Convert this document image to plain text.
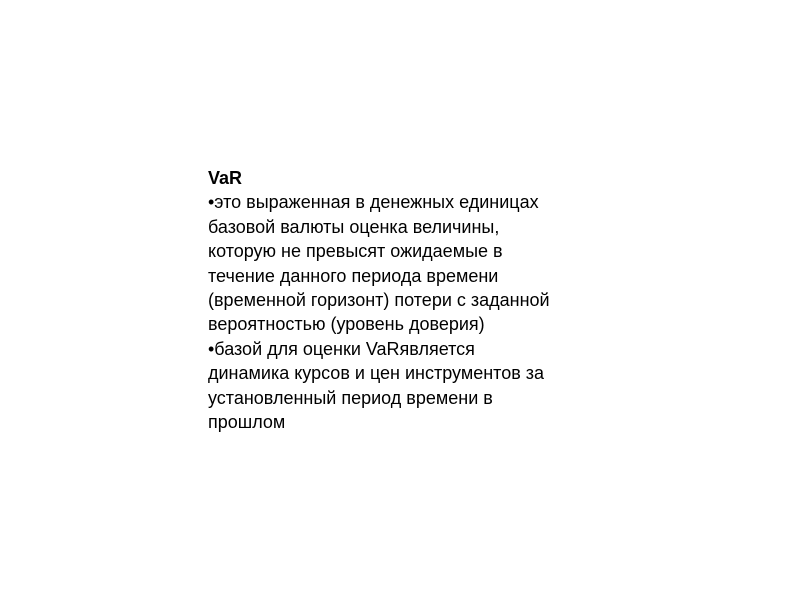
VaR
•это выраженная в денежных единицах
базовой валюты оценка величины,
которую не превысят ожидаемые в
течение данного периода времени
(временной горизонт) потери с заданной
вероятностью (уровень доверия)
•базой для оценки VaRявляется
динамика курсов и цен инструментов за
установленный период времени в
прошлом
